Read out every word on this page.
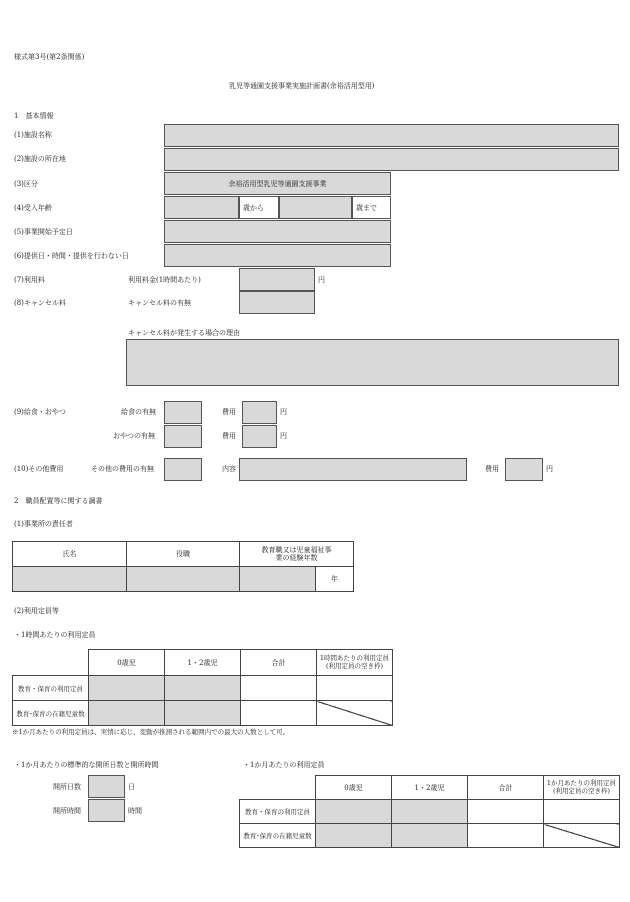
様式第3号(第2条関係)
乳児等通園支援事業実施計画書(余裕活用型用)
1　基本情報
(1)施設名称
(2)施設の所在地
(3)区分	余裕活用型乳児等通園支援事業
(4)受入年齢	歳から	歳まで
(5)事業開始予定日
(6)提供日・時間・提供を行わない日
(7)利用料	利用料金(1時間あたり)	円
(8)キャンセル料	キャンセル料の有無
キャンセル料が発生する場合の理由
(9)給食・おやつ	給食の有無	費用	円
おやつの有無	費用	円
(10)その他費用	その他の費用の有無	内容	費用	円
2　職員配置等に関する調書
(1)事業所の責任者
氏名	役職	教育職又は児童福祉事業の経験年数	
			年
(2)利用定員等
・1時間あたりの利用定員
	0歳児	1・2歳児	合計	1時間あたりの利用定員(利用定員の空き枠)
教育・保育の利用定員				
教育･保育の在籍児童数				
※1か月あたりの利用定員は、実情に応じ、変動が推測される範囲内での最大の人数として可。
・1か月あたりの標準的な開所日数と開所時間
開所日数	日
開所時間	時間
・1か月あたりの利用定員
	0歳児	1・2歳児	合計	1か月あたりの利用定員(利用定員の空き枠)
教育・保育の利用定員				
教育･保育の在籍児童数				
